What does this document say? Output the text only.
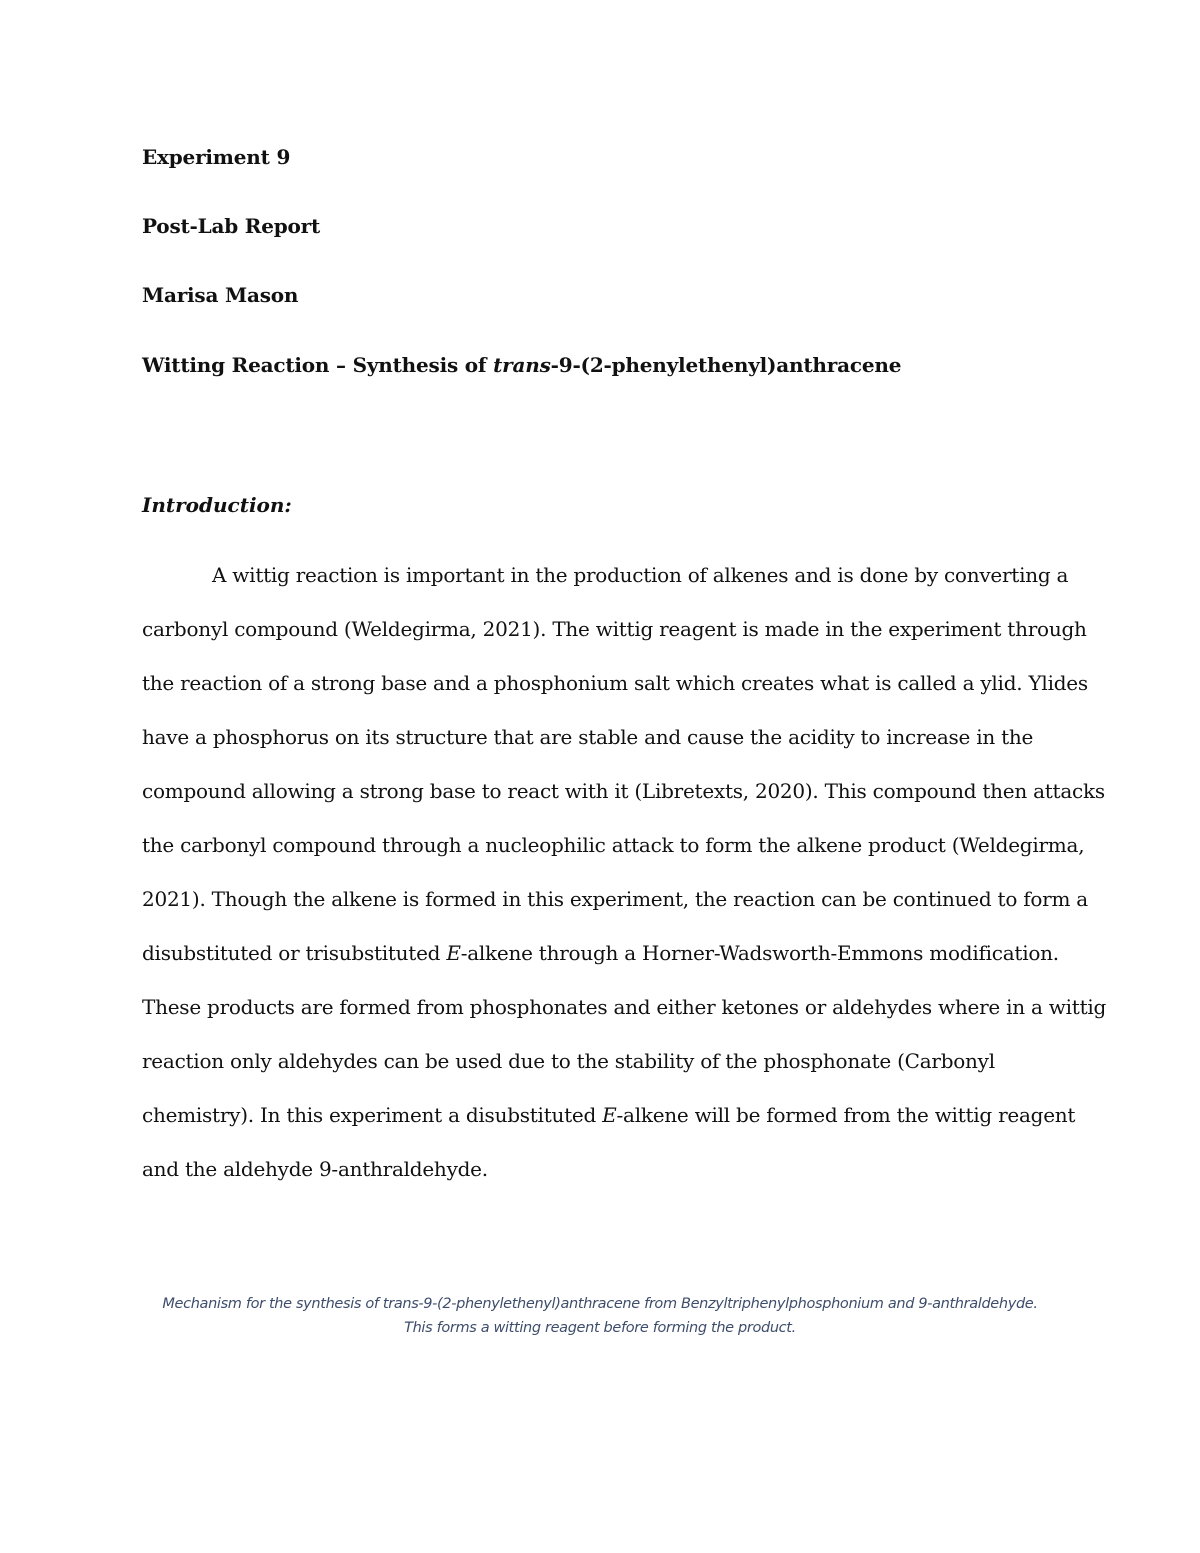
Experiment 9
Post-Lab Report
Marisa Mason
Witting Reaction – Synthesis of trans-9-(2-phenylethenyl)anthracene
Introduction:
A wittig reaction is important in the production of alkenes and is done by converting a
carbonyl compound (Weldegirma, 2021). The wittig reagent is made in the experiment through
the reaction of a strong base and a phosphonium salt which creates what is called a ylid. Ylides
have a phosphorus on its structure that are stable and cause the acidity to increase in the
compound allowing a strong base to react with it (Libretexts, 2020). This compound then attacks
the carbonyl compound through a nucleophilic attack to form the alkene product (Weldegirma,
2021). Though the alkene is formed in this experiment, the reaction can be continued to form a
disubstituted or trisubstituted E-alkene through a Horner-Wadsworth-Emmons modification.
These products are formed from phosphonates and either ketones or aldehydes where in a wittig
reaction only aldehydes can be used due to the stability of the phosphonate (Carbonyl
chemistry). In this experiment a disubstituted E-alkene will be formed from the wittig reagent
and the aldehyde 9-anthraldehyde.
Mechanism for the synthesis of trans-9-(2-phenylethenyl)anthracene from Benzyltriphenylphosphonium and 9-anthraldehyde.
This forms a witting reagent before forming the product.
